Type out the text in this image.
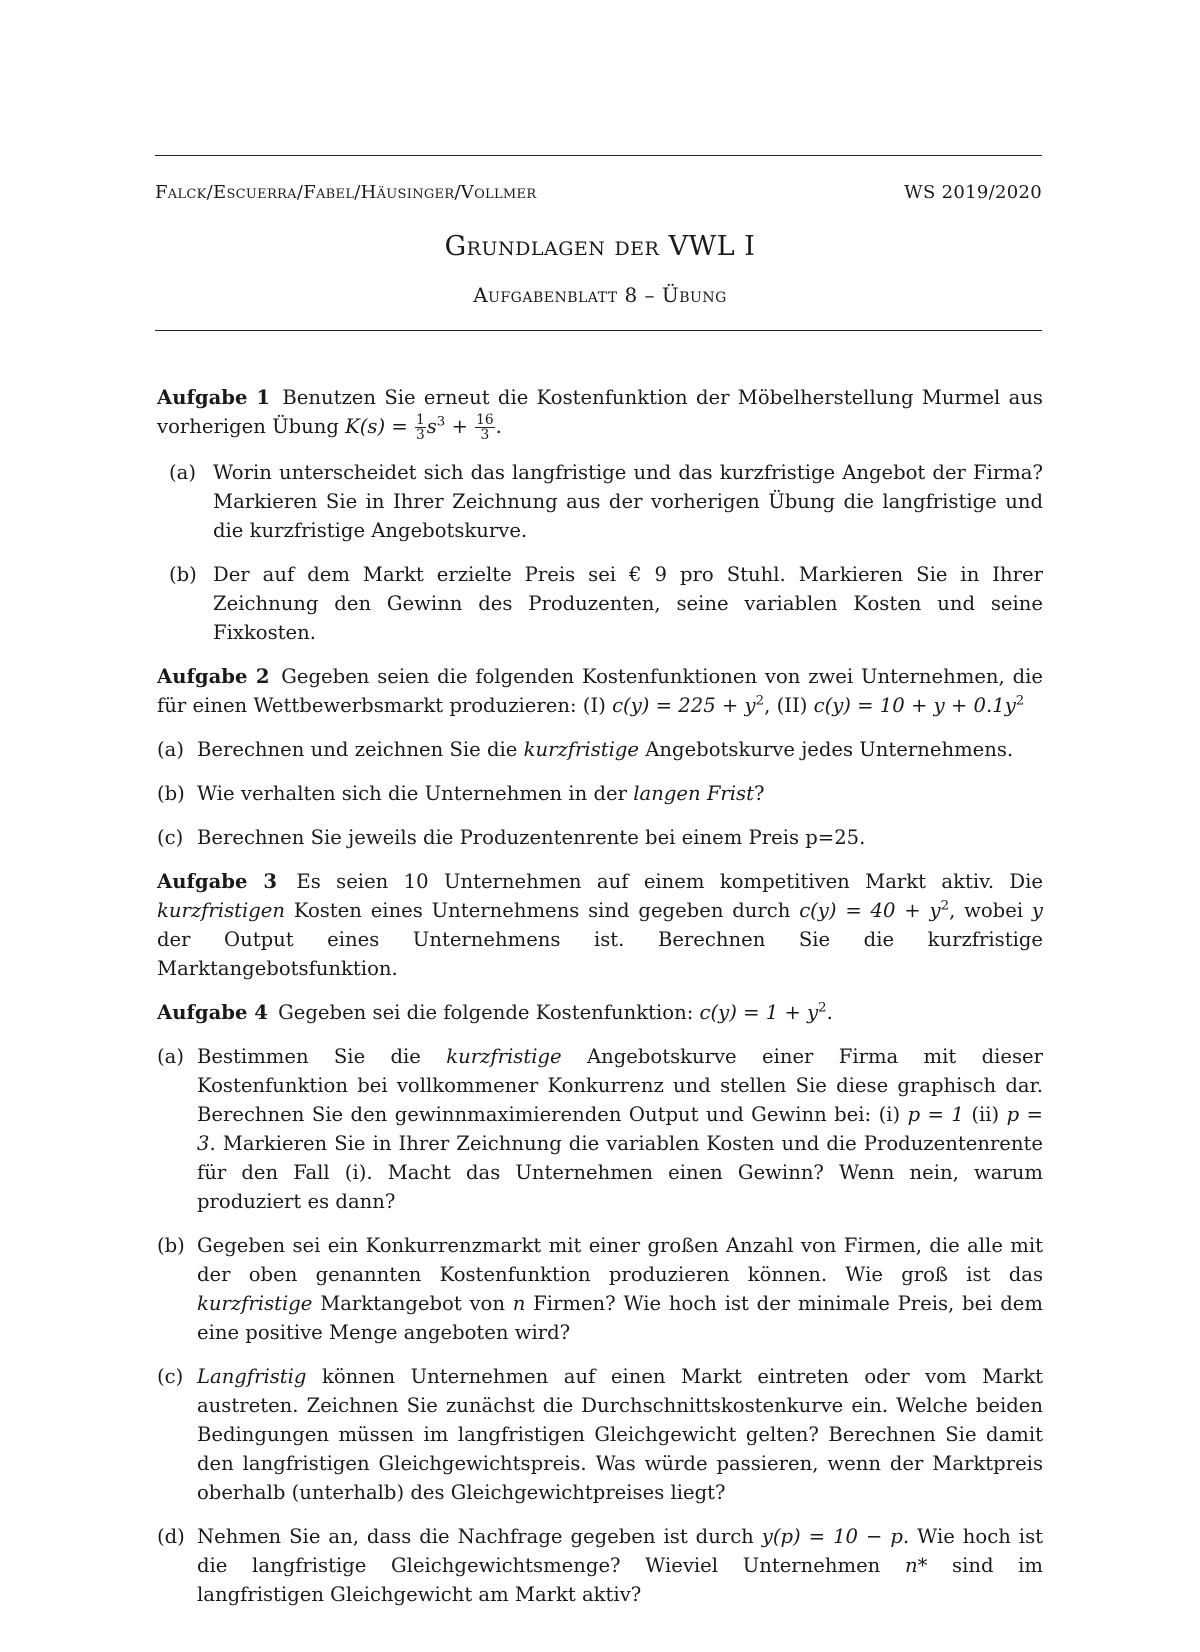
Falck/Escuerra/Fabel/Häusinger/Vollmer	WS 2019/2020
Grundlagen der VWL I
Aufgabenblatt 8 – Übung

Aufgabe 1 Benutzen Sie erneut die Kostenfunktion der Möbelherstellung Murmel aus vorherigen Übung $K(s) = \frac{1}{3} s^3 + \frac{16}{3}$ .

(a) Worin unterscheidet sich das langfristige und das kurzfristige Angebot der Firma? Markieren Sie in Ihrer Zeichnung aus der vorherigen Übung die langfristige und die kurzfristige Angebotskurve.
(b) Der auf dem Markt erzielte Preis sei € 9 pro Stuhl. Markieren Sie in Ihrer Zeichnung den Gewinn des Produzenten, seine variablen Kosten und seine Fixkosten.

Aufgabe 2 Gegeben seien die folgenden Kostenfunktionen von zwei Unternehmen, die für einen Wettbewerbsmarkt produzieren: (I) $c(y) = 225 + y^2$, (II) $c(y) = 10 + y + 0.1y^2$

(a) Berechnen und zeichnen Sie die kurzfristige Angebotskurve jedes Unternehmens.
(b) Wie verhalten sich die Unternehmen in der langen Frist?
(c) Berechnen Sie jeweils die Produzentenrente bei einem Preis p=25.

Aufgabe 3 Es seien 10 Unternehmen auf einem kompetitiven Markt aktiv. Die kurzfristigen Kosten eines Unternehmens sind gegeben durch $c(y) = 40 + y^2$, wobei y der Output eines Unternehmens ist. Berechnen Sie die kurzfristige Marktangebotsfunktion.

Aufgabe 4 Gegeben sei die folgende Kostenfunktion: $c(y) = 1 + y^2$.

(a) Bestimmen Sie die kurzfristige Angebotskurve einer Firma mit dieser Kostenfunktion bei vollkommener Konkurrenz und stellen Sie diese graphisch dar. Berechnen Sie den gewinnmaximierenden Output und Gewinn bei: (i) p = 1 (ii) p = 3. Markieren Sie in Ihrer Zeichnung die variablen Kosten und die Produzentenrente für den Fall (i). Macht das Unternehmen einen Gewinn? Wenn nein, warum produziert es dann?
(b) Gegeben sei ein Konkurrenzmarkt mit einer großen Anzahl von Firmen, die alle mit der oben genannten Kostenfunktion produzieren können. Wie groß ist das kurzfristige Marktangebot von n Firmen? Wie hoch ist der minimale Preis, bei dem eine positive Menge angeboten wird?
(c) Langfristig können Unternehmen auf einen Markt eintreten oder vom Markt austreten. Zeichnen Sie zunächst die Durchschnittskostenkurve ein. Welche beiden Bedingungen müssen im langfristigen Gleichgewicht gelten? Berechnen Sie damit den langfristigen Gleichgewichtspreis. Was würde passieren, wenn der Marktpreis oberhalb (unterhalb) des Gleichgewichtpreises liegt?
(d) Nehmen Sie an, dass die Nachfrage gegeben ist durch y(p) = 10 − p. Wie hoch ist die langfristige Gleichgewichtsmenge? Wieviel Unternehmen n* sind im langfristigen Gleichgewicht am Markt aktiv?
